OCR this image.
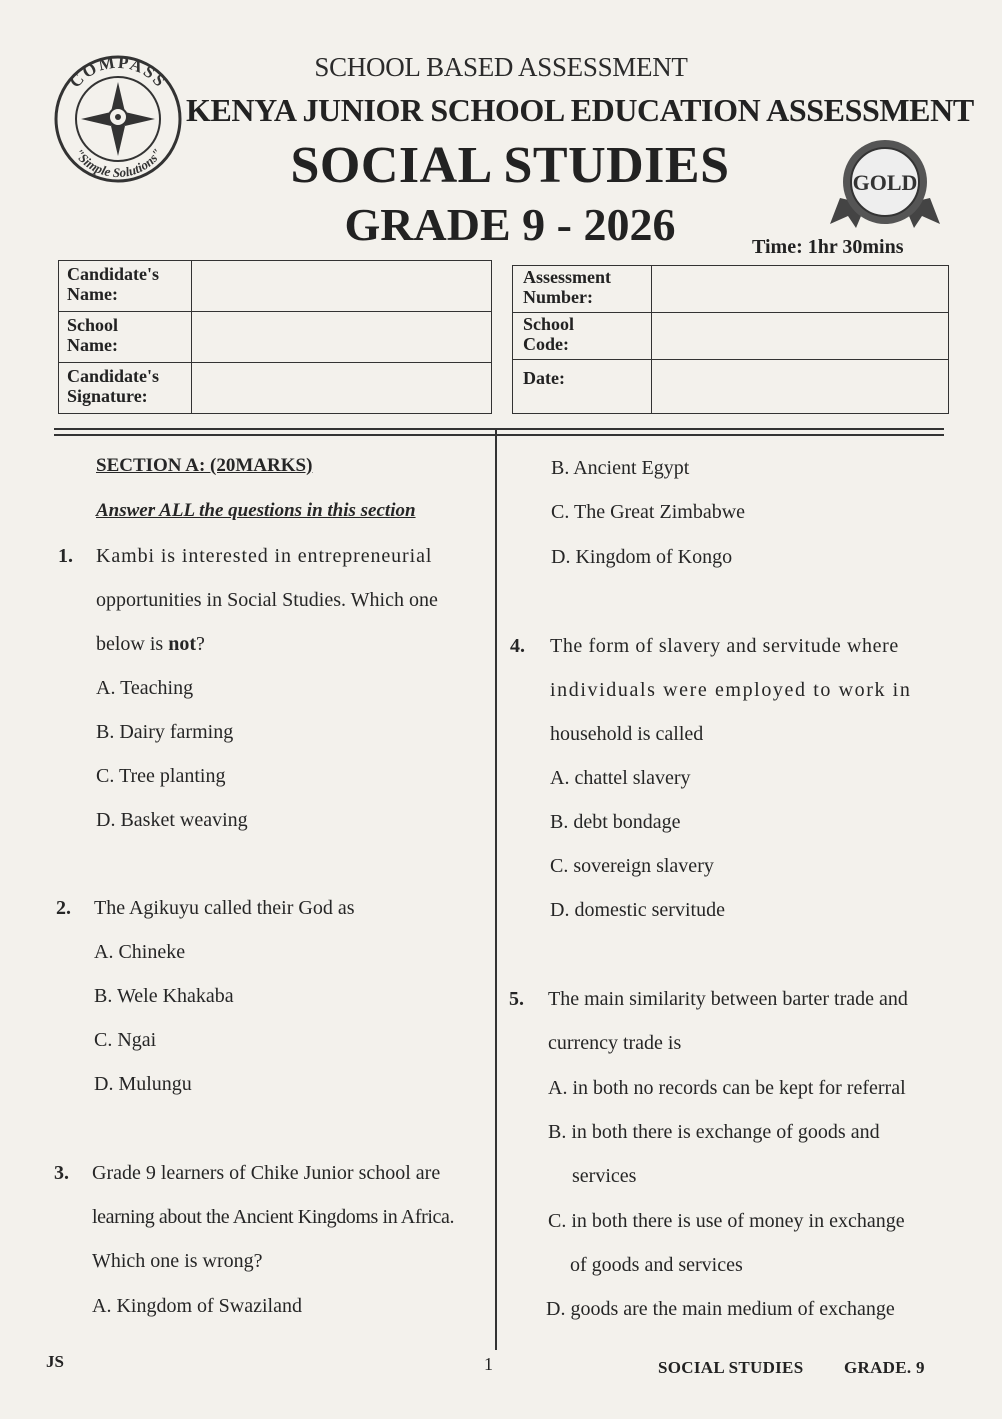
COMPASS
"Simple Solutions"
GOLD
SCHOOL BASED ASSESSMENT
KENYA JUNIOR SCHOOL EDUCATION ASSESSMENT
SOCIAL STUDIES
GRADE 9 - 2026	Time: 1hr 30mins
Candidate's
Name:	

School
Name:	

Candidate's
Signature:	

Assessment
Number:	

School
Code:	

Date:	

SECTION A: (20MARKS)
Answer ALL the questions in this section
1. Kambi is interested in entrepreneurial
opportunities in Social Studies. Which one
below is not?
A. Teaching
B. Dairy farming
C. Tree planting
D. Basket weaving
2. The Agikuyu called their God as
A. Chineke
B. Wele Khakaba
C. Ngai
D. Mulungu
3. Grade 9 learners of Chike Junior school are
learning about the Ancient Kingdoms in Africa.
Which one is wrong?
A. Kingdom of Swaziland
B. Ancient Egypt
C. The Great Zimbabwe
D. Kingdom of Kongo
4. The form of slavery and servitude where
individuals were employed to work in
household is called
A. chattel slavery
B. debt bondage
C. sovereign slavery
D. domestic servitude
5. The main similarity between barter trade and
currency trade is
A. in both no records can be kept for referral
B. in both there is exchange of goods and
services
C. in both there is use of money in exchange
of goods and services
D. goods are the main medium of exchange
JS	1	SOCIAL STUDIES GRADE. 9
